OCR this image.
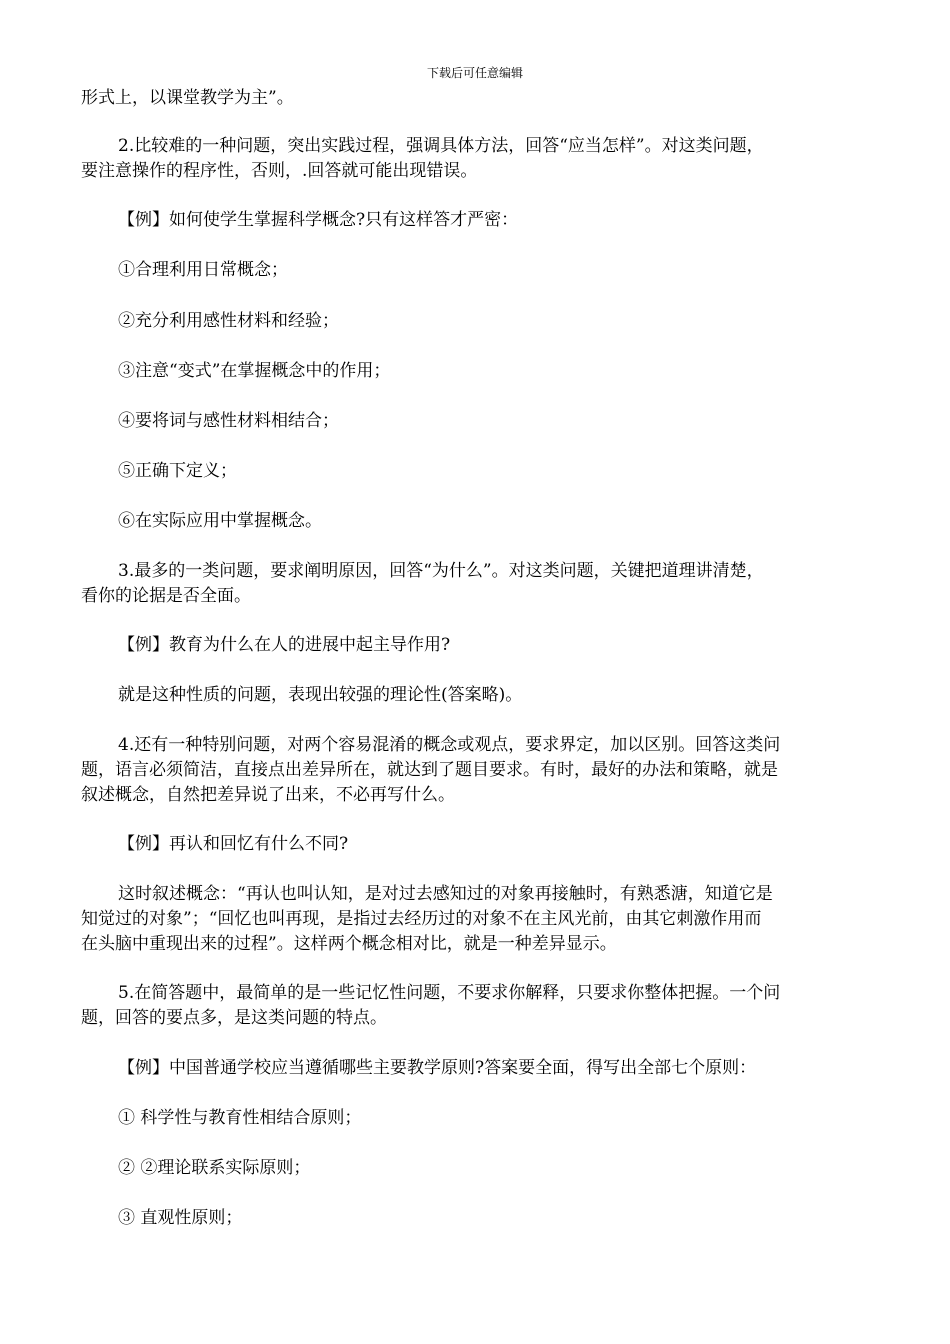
下载后可任意编辑

形式上，以课堂教学为主”。

2.比较难的一种问题，突出实践过程，强调具体方法，回答“应当怎样”。对这类问题，
要注意操作的程序性，否则，.回答就可能出现错误。

【例】如何使学生掌握科学概念?只有这样答才严密：

①合理利用日常概念；

②充分利用感性材料和经验；

③注意“变式”在掌握概念中的作用；

④要将词与感性材料相结合；

⑤正确下定义；

⑥在实际应用中掌握概念。

3.最多的一类问题，要求阐明原因，回答“为什么”。对这类问题，关键把道理讲清楚，
看你的论据是否全面。

【例】教育为什么在人的进展中起主导作用?

就是这种性质的问题，表现出较强的理论性(答案略)。

4.还有一种特别问题，对两个容易混淆的概念或观点，要求界定，加以区别。回答这类问
题，语言必须简洁，直接点出差异所在，就达到了题目要求。有时，最好的办法和策略，就是
叙述概念，自然把差异说了出来，不必再写什么。

【例】再认和回忆有什么不同?

这时叙述概念：“再认也叫认知，是对过去感知过的对象再接触时，有熟悉溏，知道它是
知觉过的对象”；“回忆也叫再现，是指过去经历过的对象不在主风光前，由其它刺激作用而
在头脑中重现出来的过程”。这样两个概念相对比，就是一种差异显示。

5.在简答题中，最简单的是一些记忆性问题，不要求你解释，只要求你整体把握。一个问
题，回答的要点多，是这类问题的特点。

【例】中国普通学校应当遵循哪些主要教学原则?答案要全面，得写出全部七个原则：

① 科学性与教育性相结合原则；

② ②理论联系实际原则；

③ 直观性原则；
